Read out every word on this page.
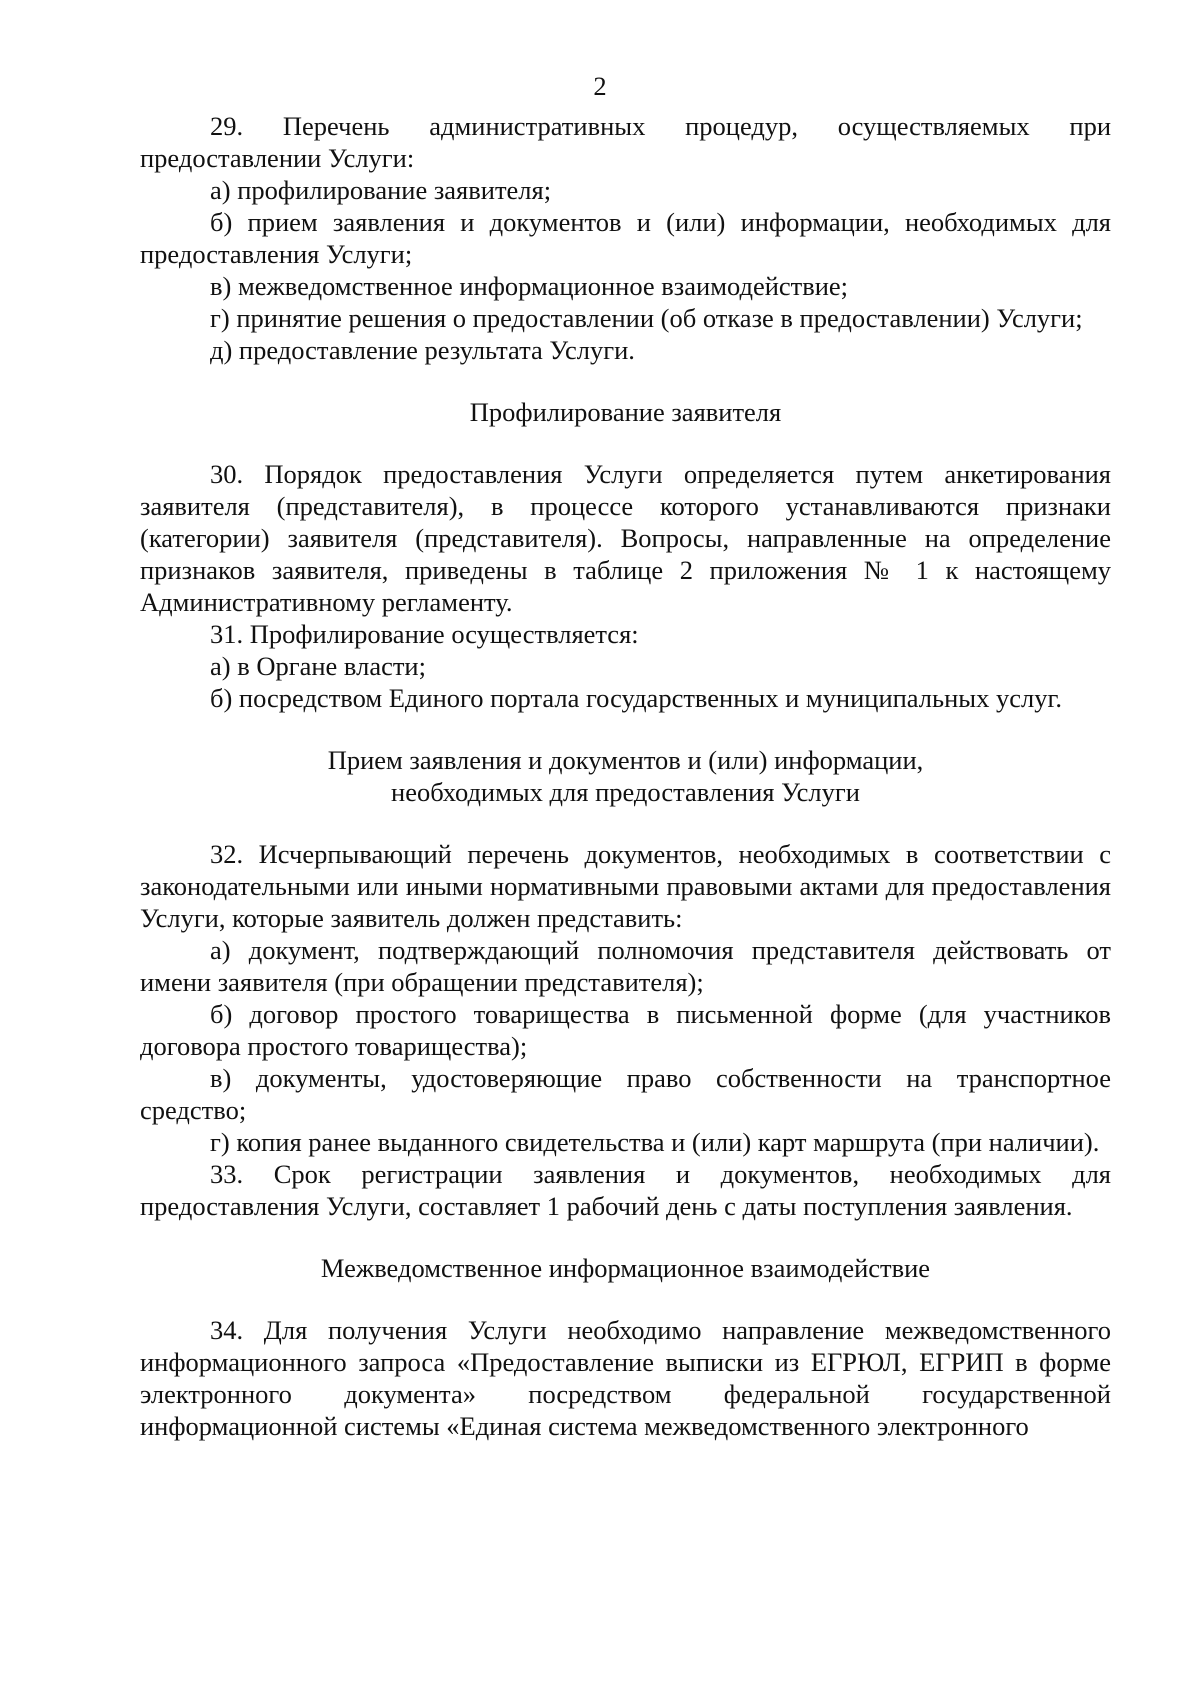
2

29. Перечень административных процедур, осуществляемых при предоставлении Услуги:

а) профилирование заявителя;

б) прием заявления и документов и (или) информации, необходимых для предоставления Услуги;

в) межведомственное информационное взаимодействие;

г) принятие решения о предоставлении (об отказе в предоставлении) Услуги;

д) предоставление результата Услуги.

Профилирование заявителя

30. Порядок предоставления Услуги определяется путем анкетирования заявителя (представителя), в процессе которого устанавливаются признаки (категории) заявителя (представителя). Вопросы, направленные на определение признаков заявителя, приведены в таблице 2 приложения № 1 к настоящему Административному регламенту.

31. Профилирование осуществляется:

а) в Органе власти;

б) посредством Единого портала государственных и муниципальных услуг.

Прием заявления и документов и (или) информации,
необходимых для предоставления Услуги

32. Исчерпывающий перечень документов, необходимых в соответствии с законодательными или иными нормативными правовыми актами для предоставления Услуги, которые заявитель должен представить:

а) документ, подтверждающий полномочия представителя действовать от имени заявителя (при обращении представителя);

б) договор простого товарищества в письменной форме (для участников договора простого товарищества);

в) документы, удостоверяющие право собственности на транспортное средство;

г) копия ранее выданного свидетельства и (или) карт маршрута (при наличии).

33. Срок регистрации заявления и документов, необходимых для предоставления Услуги, составляет 1 рабочий день с даты поступления заявления.

Межведомственное информационное взаимодействие

34. Для получения Услуги необходимо направление межведомственного информационного запроса «Предоставление выписки из ЕГРЮЛ, ЕГРИП в форме электронного документа» посредством федеральной государственной информационной системы «Единая система межведомственного электронного
